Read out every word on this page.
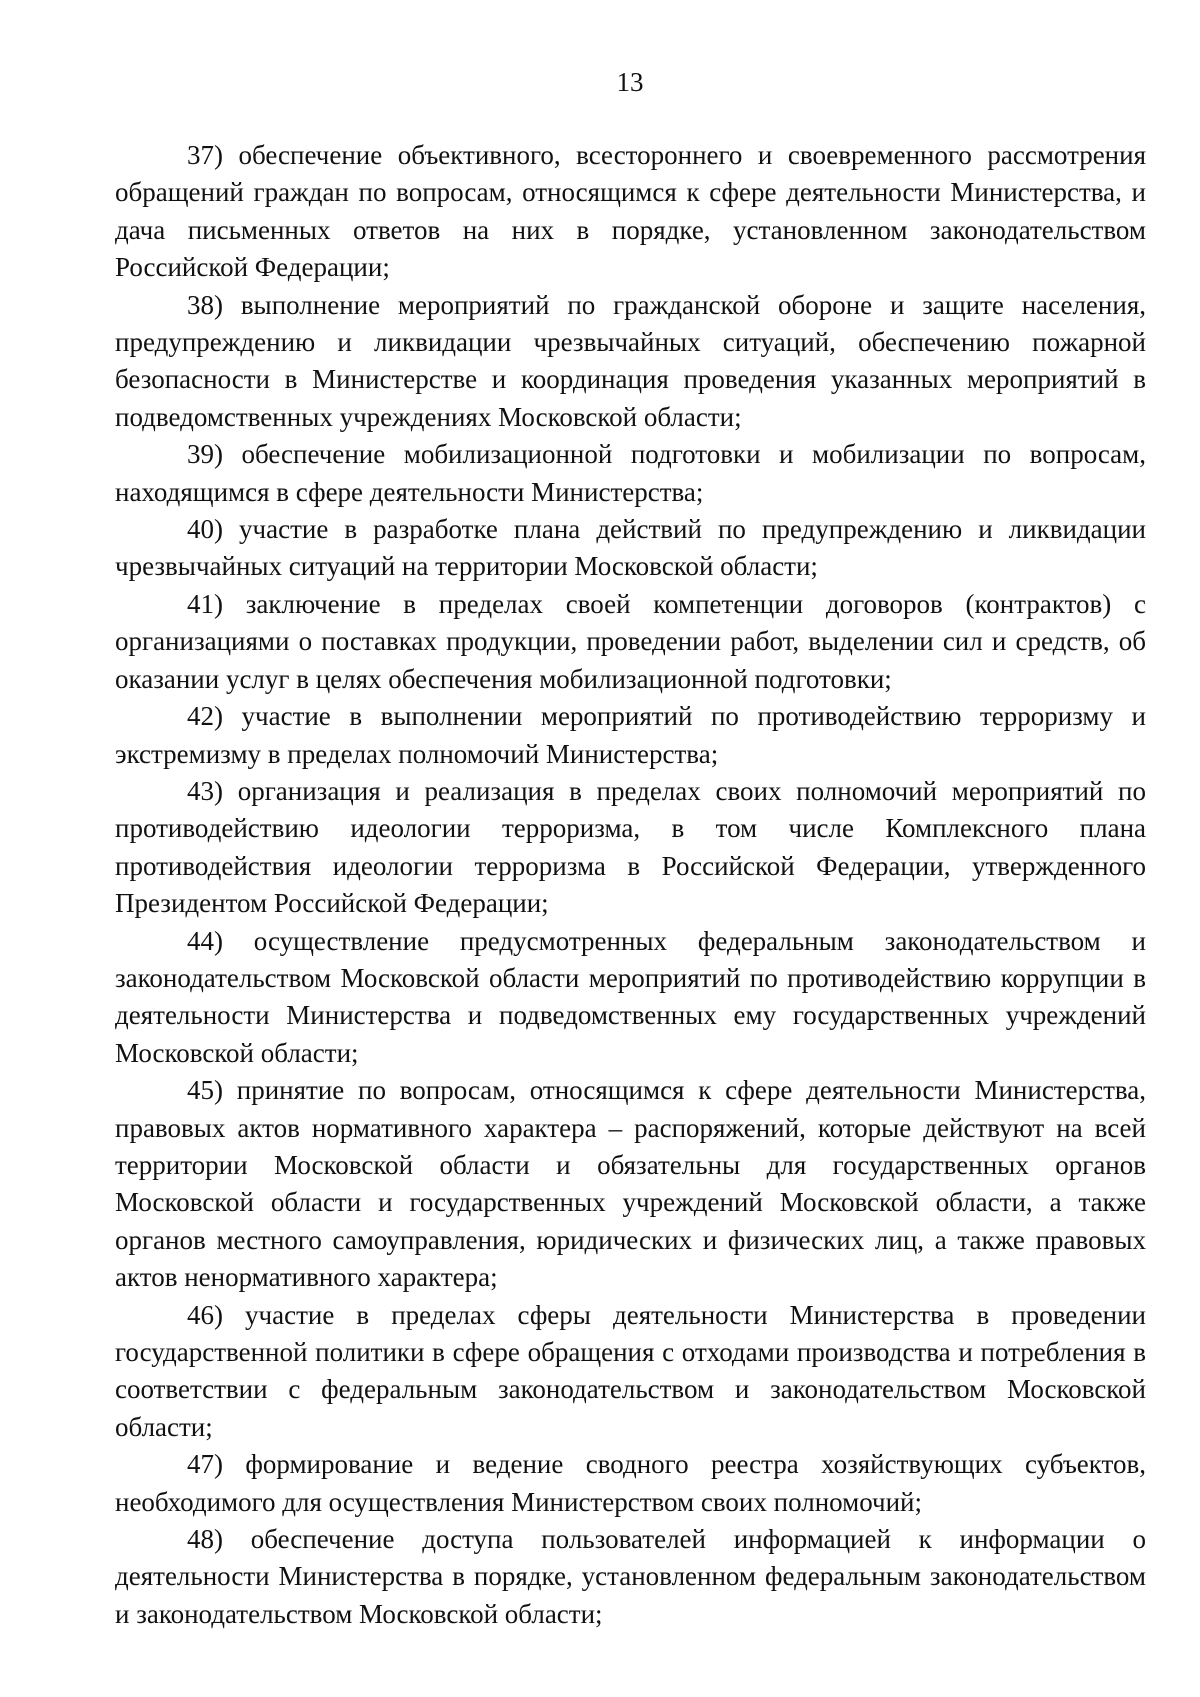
13

37) обеспечение объективного, всестороннего и своевременного рассмотрения обращений граждан по вопросам, относящимся к сфере деятельности Министерства, и дача письменных ответов на них в порядке, установленном законодательством Российской Федерации;

38) выполнение мероприятий по гражданской обороне и защите населения, предупреждению и ликвидации чрезвычайных ситуаций, обеспечению пожарной безопасности в Министерстве и координация проведения указанных мероприятий в подведомственных учреждениях Московской области;

39) обеспечение мобилизационной подготовки и мобилизации по вопросам, находящимся в сфере деятельности Министерства;

40) участие в разработке плана действий по предупреждению и ликвидации чрезвычайных ситуаций на территории Московской области;

41) заключение в пределах своей компетенции договоров (контрактов) с организациями о поставках продукции, проведении работ, выделении сил и средств, об оказании услуг в целях обеспечения мобилизационной подготовки;

42) участие в выполнении мероприятий по противодействию терроризму и экстремизму в пределах полномочий Министерства;

43) организация и реализация в пределах своих полномочий мероприятий по противодействию идеологии терроризма, в том числе Комплексного плана противодействия идеологии терроризма в Российской Федерации, утвержденного Президентом Российской Федерации;

44) осуществление предусмотренных федеральным законодательством и законодательством Московской области мероприятий по противодействию коррупции в деятельности Министерства и подведомственных ему государственных учреждений Московской области;

45) принятие по вопросам, относящимся к сфере деятельности Министерства, правовых актов нормативного характера – распоряжений, которые действуют на всей территории Московской области и обязательны для государственных органов Московской области и государственных учреждений Московской области, а также органов местного самоуправления, юридических и физических лиц, а также правовых актов ненормативного характера;

46) участие в пределах сферы деятельности Министерства в проведении государственной политики в сфере обращения с отходами производства и потребления в соответствии с федеральным законодательством и законодательством Московской области;

47) формирование и ведение сводного реестра хозяйствующих субъектов, необходимого для осуществления Министерством своих полномочий;

48) обеспечение доступа пользователей информацией к информации о деятельности Министерства в порядке, установленном федеральным законодательством и законодательством Московской области;
